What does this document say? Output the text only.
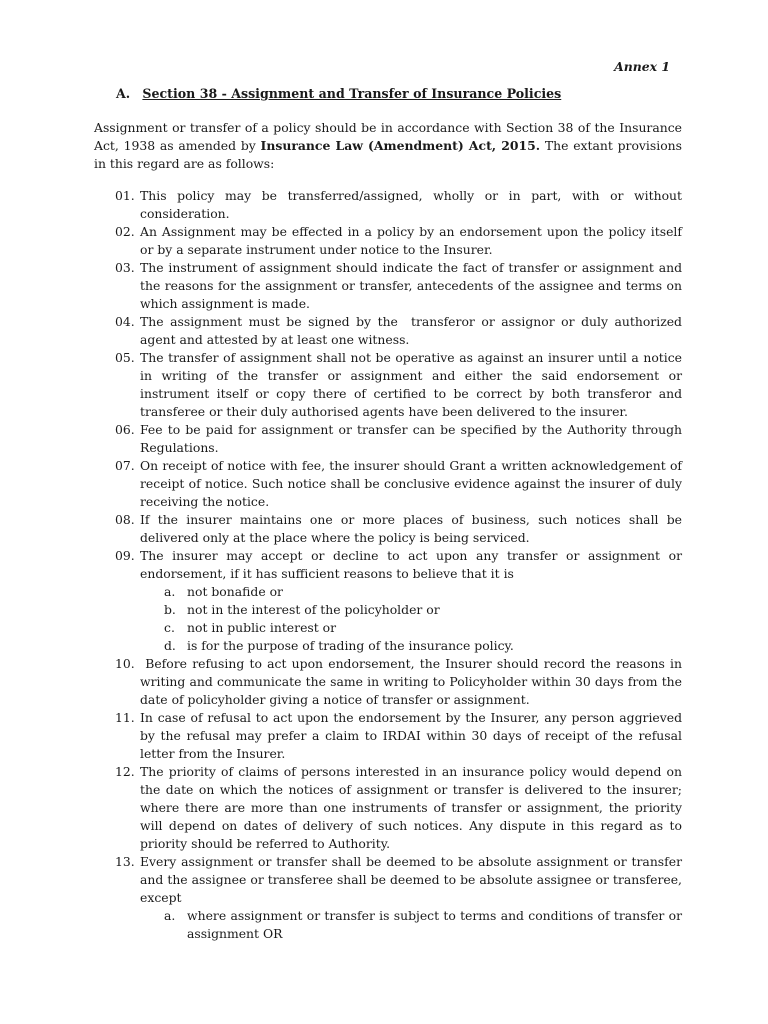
Annex 1
A. Section 38 - Assignment and Transfer of Insurance Policies

Assignment or transfer of a policy should be in accordance with Section 38 of the Insurance Act, 1938 as amended by Insurance Law (Amendment) Act, 2015. The extant provisions in this regard are as follows:

01. This policy may be transferred/assigned, wholly or in part, with or without consideration.
02. An Assignment may be effected in a policy by an endorsement upon the policy itself or by a separate instrument under notice to the Insurer.
03. The instrument of assignment should indicate the fact of transfer or assignment and the reasons for the assignment or transfer, antecedents of the assignee and terms on which assignment is made.
04. The assignment must be signed by the  transferor or assignor or duly authorized agent and attested by at least one witness.
05. The transfer of assignment shall not be operative as against an insurer until a notice in writing of the transfer or assignment and either the said endorsement or instrument itself or copy there of certified to be correct by both transferor and transferee or their duly authorised agents have been delivered to the insurer.
06. Fee to be paid for assignment or transfer can be specified by the Authority through Regulations.
07. On receipt of notice with fee, the insurer should Grant a written acknowledgement of receipt of notice. Such notice shall be conclusive evidence against the insurer of duly receiving the notice.
08. If the insurer maintains one or more places of business, such notices shall be delivered only at the place where the policy is being serviced.
09. The insurer may accept or decline to act upon any transfer or assignment or endorsement, if it has sufficient reasons to believe that it is
a. not bonafide or
b. not in the interest of the policyholder or
c. not in public interest or
d. is for the purpose of trading of the insurance policy.
10. Before refusing to act upon endorsement, the Insurer should record the reasons in writing and communicate the same in writing to Policyholder within 30 days from the date of policyholder giving a notice of transfer or assignment.
11. In case of refusal to act upon the endorsement by the Insurer, any person aggrieved by the refusal may prefer a claim to IRDAI within 30 days of receipt of the refusal letter from the Insurer.
12. The priority of claims of persons interested in an insurance policy would depend on the date on which the notices of assignment or transfer is delivered to the insurer; where there are more than one instruments of transfer or assignment, the priority will depend on dates of delivery of such notices. Any dispute in this regard as to priority should be referred to Authority.
13. Every assignment or transfer shall be deemed to be absolute assignment or transfer and the assignee or transferee shall be deemed to be absolute assignee or transferee, except
a. where assignment or transfer is subject to terms and conditions of transfer or assignment OR
